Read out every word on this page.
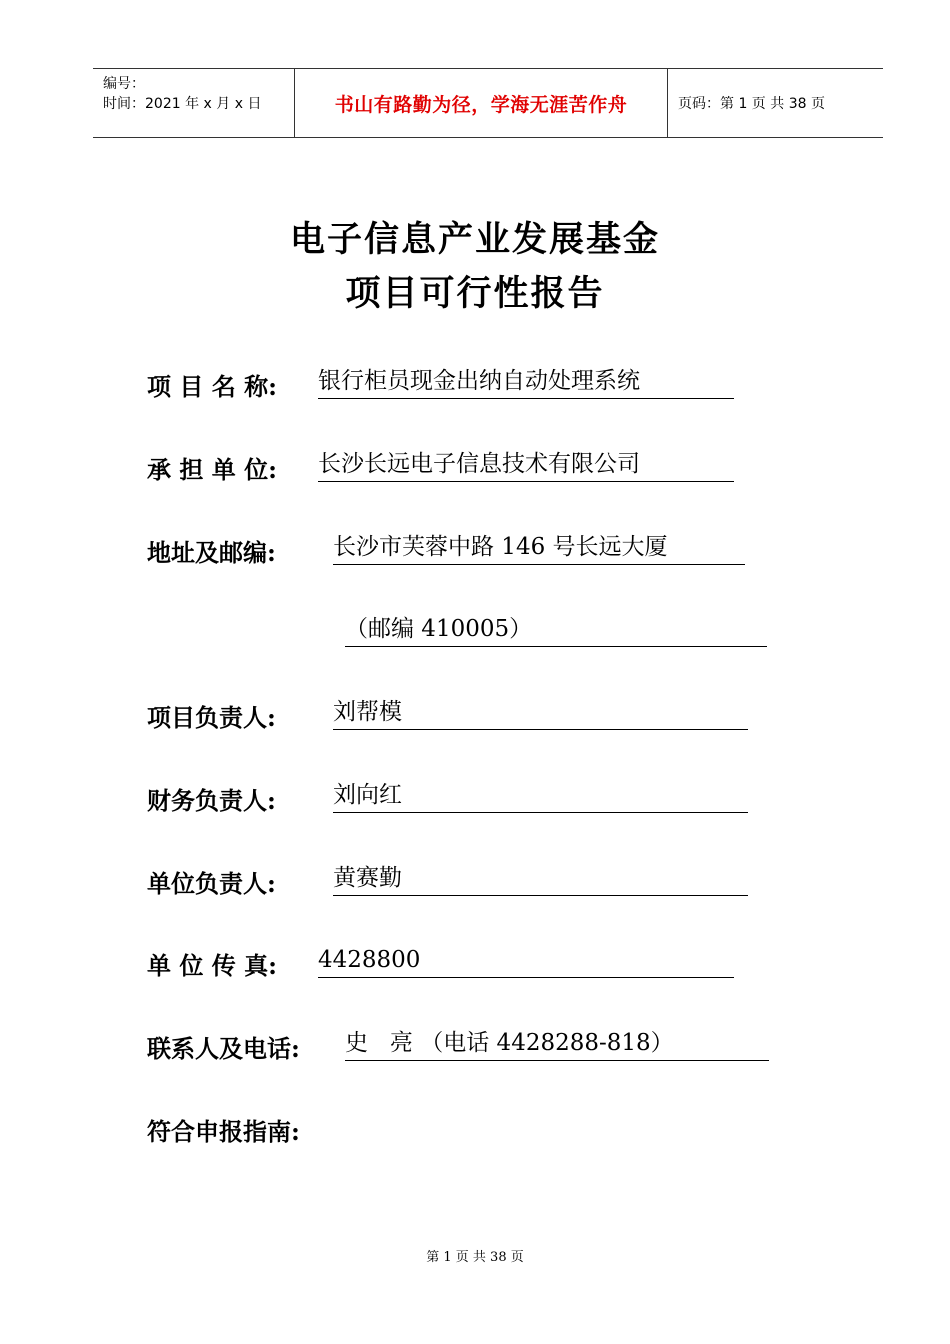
编号：
时间：2021 年 x 月 x 日	书山有路勤为径，学海无涯苦作舟	页码：第 1 页 共 38 页
电子信息产业发展基金
项目可行性报告
项 目 名 称: 银行柜员现金出纳自动处理系统
承 担 单 位: 长沙长远电子信息技术有限公司
地址及邮编: 长沙市芙蓉中路 146 号长远大厦
（邮编 410005）
项目负责人: 刘帮模
财务负责人: 刘向红
单位负责人: 黄赛勤
单 位 传 真: 4428800
联系人及电话: 史   亮 （电话 4428288-818）
符合申报指南:
第 1 页 共 38 页
